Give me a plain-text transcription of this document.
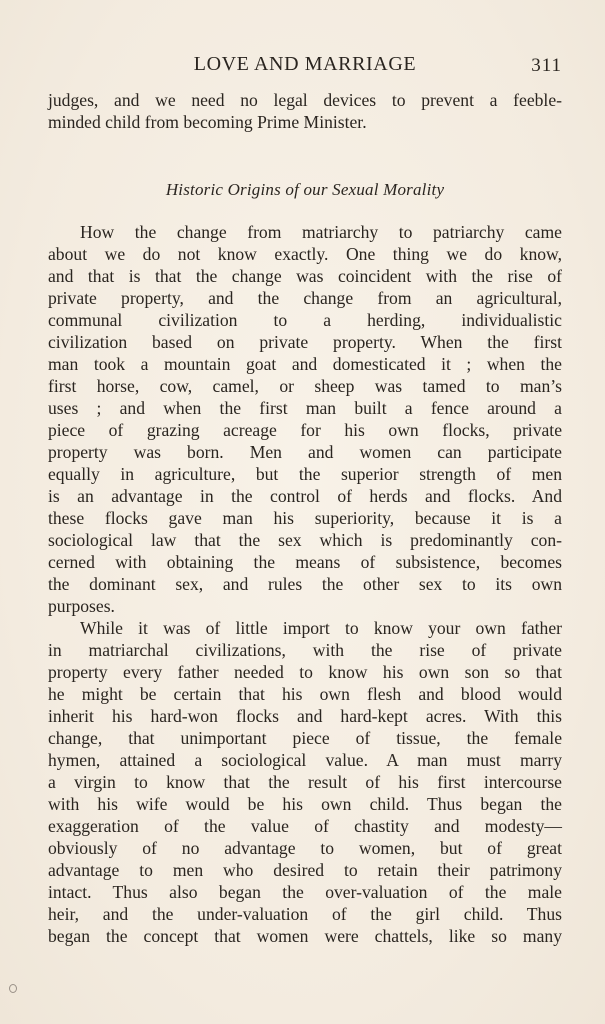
LOVE AND MARRIAGE	311
judges, and we need no legal devices to prevent a feeble-
minded child from becoming Prime Minister.
Historic Origins of our Sexual Morality
How the change from matriarchy to patriarchy came
about we do not know exactly. One thing we do know,
and that is that the change was coincident with the rise of
private property, and the change from an agricultural,
communal civilization to a herding, individualistic
civilization based on private property. When the first
man took a mountain goat and domesticated it ; when the
first horse, cow, camel, or sheep was tamed to man’s
uses ; and when the first man built a fence around a
piece of grazing acreage for his own flocks, private
property was born. Men and women can participate
equally in agriculture, but the superior strength of men
is an advantage in the control of herds and flocks. And
these flocks gave man his superiority, because it is a
sociological law that the sex which is predominantly con-
cerned with obtaining the means of subsistence, becomes
the dominant sex, and rules the other sex to its own
purposes.
While it was of little import to know your own father
in matriarchal civilizations, with the rise of private
property every father needed to know his own son so that
he might be certain that his own flesh and blood would
inherit his hard-won flocks and hard-kept acres. With this
change, that unimportant piece of tissue, the female
hymen, attained a sociological value. A man must marry
a virgin to know that the result of his first intercourse
with his wife would be his own child. Thus began the
exaggeration of the value of chastity and modesty—
obviously of no advantage to women, but of great
advantage to men who desired to retain their patrimony
intact. Thus also began the over-valuation of the male
heir, and the under-valuation of the girl child. Thus
began the concept that women were chattels, like so many
